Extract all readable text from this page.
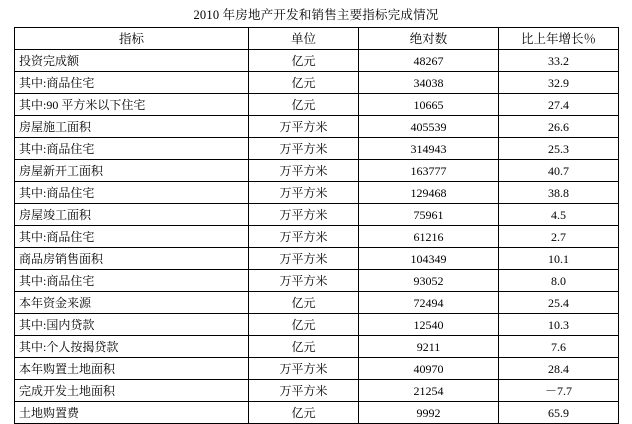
2010 年房地产开发和销售主要指标完成情况
指标	单位	绝对数	比上年增长％
投资完成额	亿元	48267	33.2
其中:商品住宅	亿元	34038	32.9
其中:90 平方米以下住宅	亿元	10665	27.4
房屋施工面积	万平方米	405539	26.6
其中:商品住宅	万平方米	314943	25.3
房屋新开工面积	万平方米	163777	40.7
其中:商品住宅	万平方米	129468	38.8
房屋竣工面积	万平方米	75961	4.5
其中:商品住宅	万平方米	61216	2.7
商品房销售面积	万平方米	104349	10.1
其中:商品住宅	万平方米	93052	8.0
本年资金来源	亿元	72494	25.4
其中:国内贷款	亿元	12540	10.3
其中:个人按揭贷款	亿元	9211	7.6
本年购置土地面积	万平方米	40970	28.4
完成开发土地面积	万平方米	21254	－7.7
土地购置费	亿元	9992	65.9
